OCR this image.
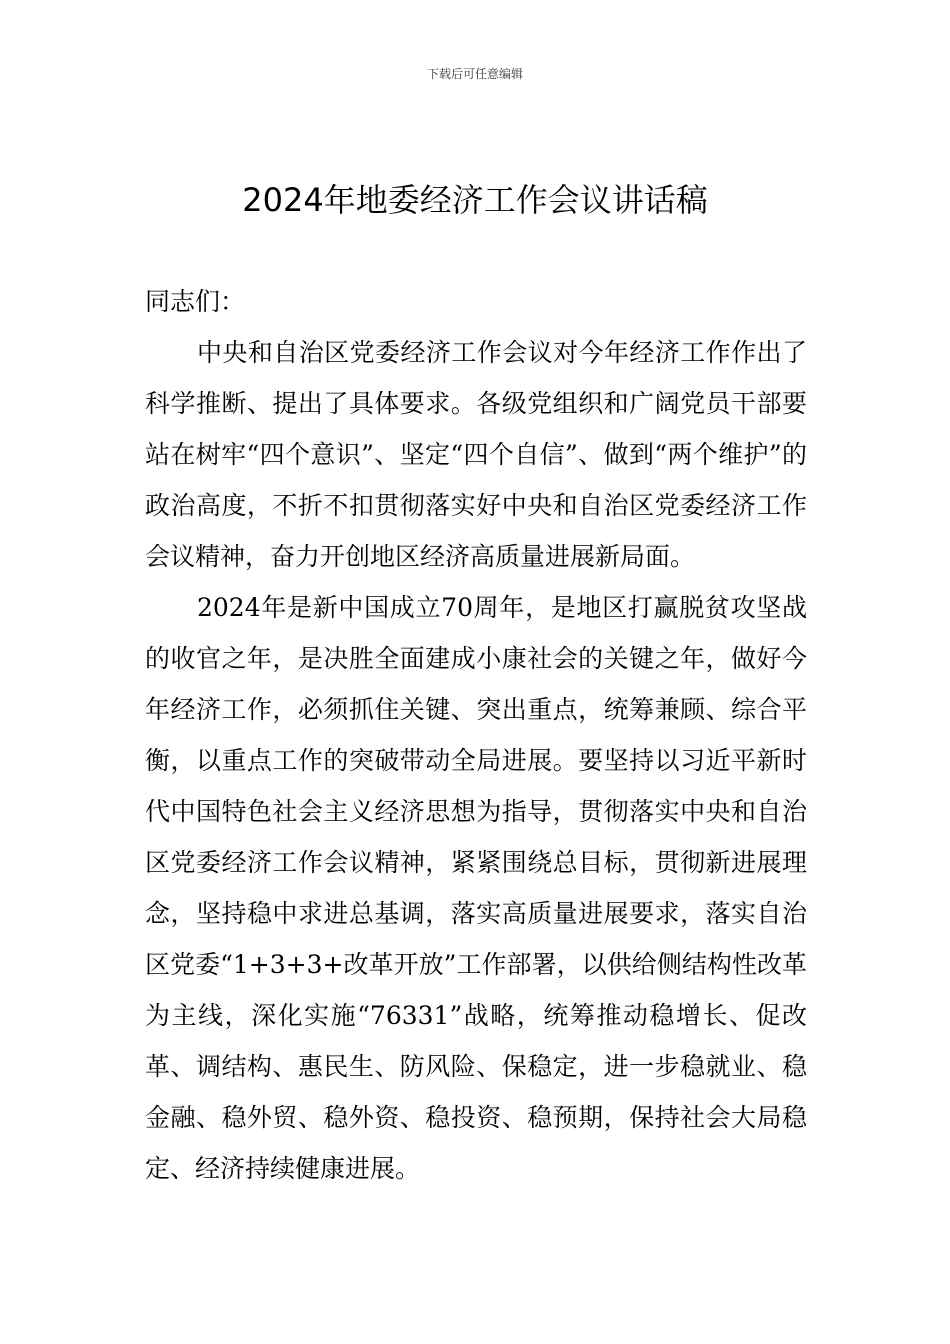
下载后可任意编辑
2024年地委经济工作会议讲话稿

同志们：

中央和自治区党委经济工作会议对今年经济工作作出了科学推断、提出了具体要求。各级党组织和广阔党员干部要站在树牢“四个意识”、坚定“四个自信”、做到“两个维护”的政治高度，不折不扣贯彻落实好中央和自治区党委经济工作会议精神，奋力开创地区经济高质量进展新局面。

2024年是新中国成立70周年，是地区打赢脱贫攻坚战的收官之年，是决胜全面建成小康社会的关键之年，做好今年经济工作，必须抓住关键、突出重点，统筹兼顾、综合平衡，以重点工作的突破带动全局进展。要坚持以习近平新时代中国特色社会主义经济思想为指导，贯彻落实中央和自治区党委经济工作会议精神，紧紧围绕总目标，贯彻新进展理念，坚持稳中求进总基调，落实高质量进展要求，落实自治区党委“1+3+3+改革开放”工作部署，以供给侧结构性改革为主线，深化实施“76331”战略，统筹推动稳增长、促改革、调结构、惠民生、防风险、保稳定，进一步稳就业、稳金融、稳外贸、稳外资、稳投资、稳预期，保持社会大局稳定、经济持续健康进展。
